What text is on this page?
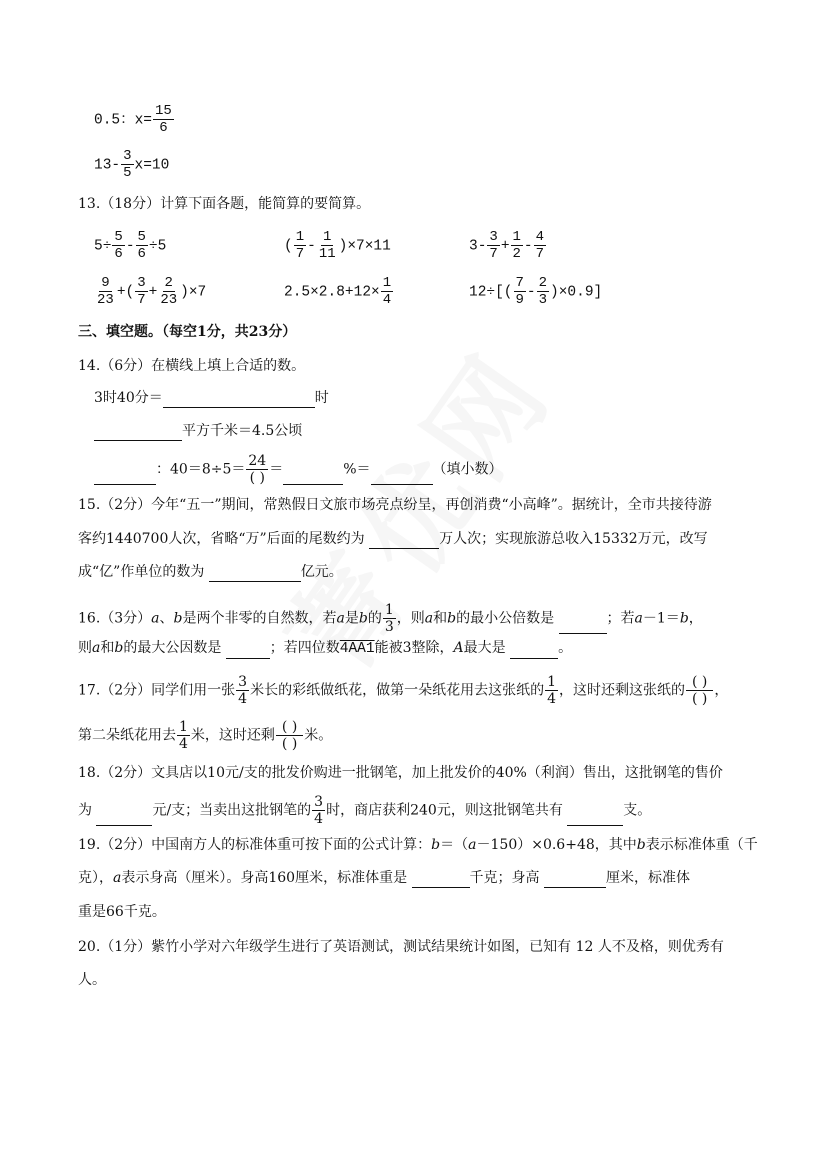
0.5：$x= \frac{15}{6}$
$13- \frac{3}{5} x=10$
13.（18分）计算下面各题，能简算的要简算。
$5\div \frac{5}{6} - \frac{5}{6} \div 5$	( $\frac{1}{7} - \frac{1}{11} )\times 7\times 11$	$3- \frac{3}{7} + \frac{1}{2} - \frac{4}{7}$
$\frac{9}{23}$ +( $\frac{3}{7} + \frac{2}{23} )\times 7$	$2.5\times 2.8+12\times \frac{1}{4}$	$12\div[( \frac{7}{9} - \frac{2}{3} )\times 0.9]$
三、填空题。（每空1分，共23分）
14.（6分）在横线上填上合适的数。
3时40分＝	时
平方千米＝4.5公顷
：$40=8\div 5= \frac{24}{( )}$ ＝	%＝	（填小数）
15.（2分）今年“五一”期间，常熟假日文旅市场亮点纷呈，再创消费“小高峰”。据统计，全市共接待游
客约1440700人次，省略“万”后面的尾数约为	万人次；实现旅游总收入15332万元，改写
成“亿”作单位的数为	亿元。
16.（3分）a、b是两个非零的自然数，若a是b的 $\frac{1}{3}$ ，则a和b的最小公倍数是	；若a－1＝b，
则a和b的最大公因数是	；若四位数4AA1能被3整除，A最大是	。
17.（2分）同学们用一张 $\frac{3}{4}$ 米长的彩纸做纸花，做第一朵纸花用去这张纸的 $\frac{1}{4}$ ，这时还剩这张纸的 $\frac{( )}{( )}$ ，
第二朵纸花用去 $\frac{1}{4}$ 米，这时还剩 $\frac{( )}{( )}$ 米。
18.（2分）文具店以10元/支的批发价购进一批钢笔，加上批发价的40%（利润）售出，这批钢笔的售价
为	元/支；当卖出这批钢笔的 $\frac{3}{4}$ 时，商店获利240元，则这批钢笔共有	支。
19.（2分）中国南方人的标准体重可按下面的公式计算：b＝（a－150）×0.6+48，其中b表示标准体重（千
克），a表示身高（厘米）。身高160厘米，标准体重是	千克；身高	厘米，标准体
重是66千克。
20.（1分）紫竹小学对六年级学生进行了英语测试，测试结果统计如图，已知有 12 人不及格，则优秀有
人。
